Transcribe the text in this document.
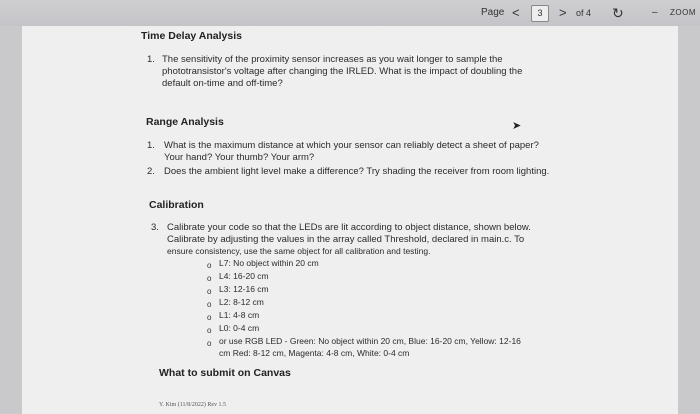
Page <	3	> of 4 ↻	– ZOOM
Time Delay Analysis
1. The sensitivity of the proximity sensor increases as you wait longer to sample the
phototransistor's voltage after changing the IRLED. What is the impact of doubling the
default on-time and off-time?
Range Analysis	➤
1. What is the maximum distance at which your sensor can reliably detect a sheet of paper?
Your hand? Your thumb? Your arm?
2. Does the ambient light level make a difference? Try shading the receiver from room lighting.
Calibration
3. Calibrate your code so that the LEDs are lit according to object distance, shown below.
Calibrate by adjusting the values in the array called Threshold, declared in main.c. To
ensure consistency, use the same object for all calibration and testing.
o L7: No object within 20 cm
o L4: 16-20 cm
o L3: 12-16 cm
o L2: 8-12 cm
o L1: 4-8 cm
o L0: 0-4 cm
o or use RGB LED - Green: No object within 20 cm, Blue: 16-20 cm, Yellow: 12-16
cm Red: 8-12 cm, Magenta: 4-8 cm, White: 0-4 cm
What to submit on Canvas
Y. Kim (11/8/2022) Rev 1.5
